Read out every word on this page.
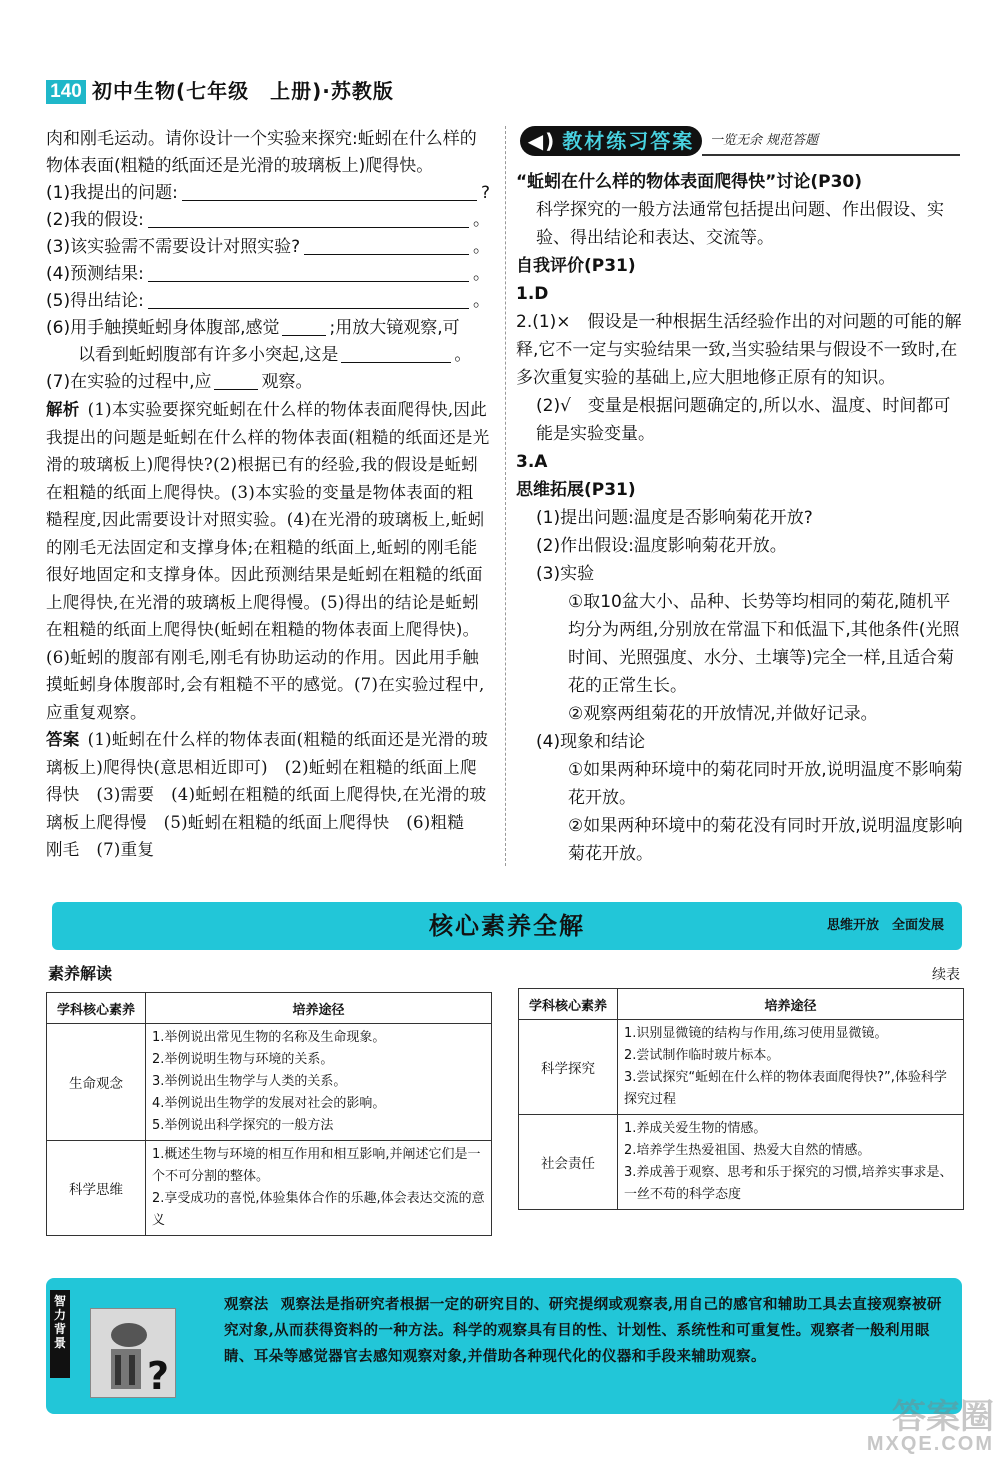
140 初中生物(七年级　上册)·苏教版

肉和刚毛运动。请你设计一个实验来探究:蚯蚓在什么样的物体表面(粗糙的纸面还是光滑的玻璃板上)爬得快。

(1)我提出的问题:	?
(2)我的假设:	。
(3)该实验需不需要设计对照实验?	。
(4)预测结果:	。
(5)得出结论:	。

(6)用手触摸蚯蚓身体腹部,感觉	;用放大镜观察,可

以看到蚯蚓腹部有许多小突起,这是	。

(7)在实验的过程中,应	观察。

解析 (1)本实验要探究蚯蚓在什么样的物体表面爬得快,因此我提出的问题是蚯蚓在什么样的物体表面(粗糙的纸面还是光滑的玻璃板上)爬得快?(2)根据已有的经验,我的假设是蚯蚓在粗糙的纸面上爬得快。(3)本实验的变量是物体表面的粗糙程度,因此需要设计对照实验。(4)在光滑的玻璃板上,蚯蚓的刚毛无法固定和支撑身体;在粗糙的纸面上,蚯蚓的刚毛能很好地固定和支撑身体。因此预测结果是蚯蚓在粗糙的纸面上爬得快,在光滑的玻璃板上爬得慢。(5)得出的结论是蚯蚓在粗糙的纸面上爬得快(蚯蚓在粗糙的物体表面上爬得快)。(6)蚯蚓的腹部有刚毛,刚毛有协助运动的作用。因此用手触摸蚯蚓身体腹部时,会有粗糙不平的感觉。(7)在实验过程中,应重复观察。

答案 (1)蚯蚓在什么样的物体表面(粗糙的纸面还是光滑的玻璃板上)爬得快(意思相近即可)　(2)蚯蚓在粗糙的纸面上爬得快　(3)需要　(4)蚯蚓在粗糙的纸面上爬得快,在光滑的玻璃板上爬得慢　(5)蚯蚓在粗糙的纸面上爬得快　(6)粗糙　刚毛　(7)重复

◀) 教材练习答案	一览无余 规范答题

“蚯蚓在什么样的物体表面爬得快”讨论(P30)

科学探究的一般方法通常包括提出问题、作出假设、实验、得出结论和表达、交流等。

自我评价(P31)

1.D

2.(1)×　假设是一种根据生活经验作出的对问题的可能的解释,它不一定与实验结果一致,当实验结果与假设不一致时,在多次重复实验的基础上,应大胆地修正原有的知识。

(2)√　变量是根据问题确定的,所以水、温度、时间都可能是实验变量。

3.A

思维拓展(P31)

(1)提出问题:温度是否影响菊花开放?

(2)作出假设:温度影响菊花开放。

(3)实验

①取10盆大小、品种、长势等均相同的菊花,随机平均分为两组,分别放在常温下和低温下,其他条件(光照时间、光照强度、水分、土壤等)完全一样,且适合菊花的正常生长。

②观察两组菊花的开放情况,并做好记录。

(4)现象和结论

①如果两种环境中的菊花同时开放,说明温度不影响菊花开放。

②如果两种环境中的菊花没有同时开放,说明温度影响菊花开放。

核心素养全解	思维开放　全面发展
素养解读	续表
学科核心素养	培养途径
生命观念	1.举例说出常见生物的名称及生命现象。
2.举例说明生物与环境的关系。
3.举例说出生物学与人类的关系。
4.举例说出生物学的发展对社会的影响。
5.举例说出科学探究的一般方法

科学思维	1.概述生物与环境的相互作用和相互影响,并阐述它们是一个不可分割的整体。
2.享受成功的喜悦,体验集体合作的乐趣,体会表达交流的意义
学科核心素养	培养途径
科学探究	1.识别显微镜的结构与作用,练习使用显微镜。
2.尝试制作临时玻片标本。
3.尝试探究“蚯蚓在什么样的物体表面爬得快?”,体验科学探究过程

社会责任	1.养成关爱生物的情感。
2.培养学生热爱祖国、热爱大自然的情感。
3.养成善于观察、思考和乐于探究的习惯,培养实事求是、一丝不苟的科学态度
智力背景
?
观察法 观察法是指研究者根据一定的研究目的、研究提纲或观察表,用自己的感官和辅助工具去直接观察被研究对象,从而获得资料的一种方法。科学的观察具有目的性、计划性、系统性和可重复性。观察者一般利用眼睛、耳朵等感觉器官去感知观察对象,并借助各种现代化的仪器和手段来辅助观察。
答案圈
MXQE.COM
